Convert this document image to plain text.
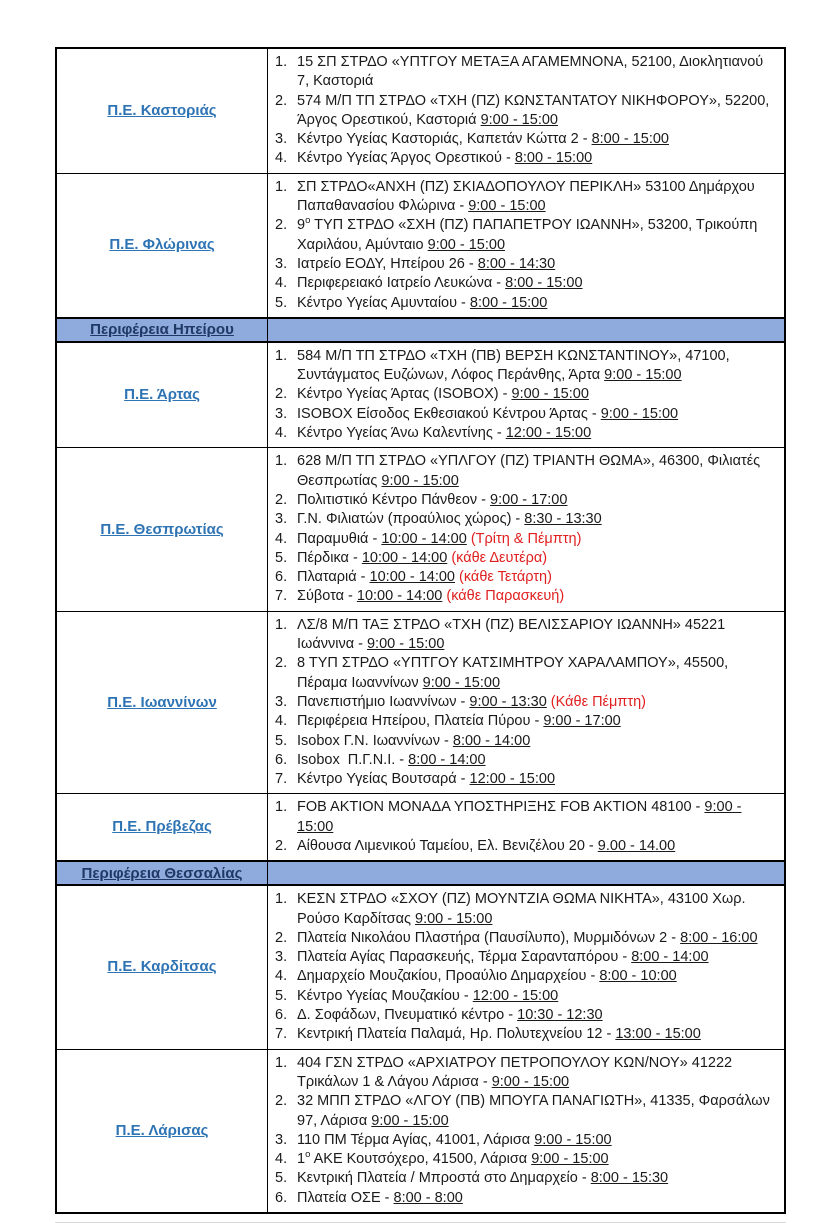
Π.Ε. Καστοριάς
1. 15 ΣΠ ΣΤΡΔΟ «ΥΠΤΓΟΥ ΜΕΤΑΞΑ ΑΓΑΜΕΜΝΟΝΑ, 52100, Διοκλητιανού 7, Καστοριά
2. 574 Μ/Π ΤΠ ΣΤΡΔΟ «ΤΧΗ (ΠΖ) ΚΩΝΣΤΑΝΤΑΤΟΥ ΝΙΚΗΦΟΡΟΥ», 52200, Άργος Ορεστικού, Καστοριά 9:00 - 15:00
3. Κέντρο Υγείας Καστοριάς, Καπετάν Κώττα 2 - 8:00 - 15:00
4. Κέντρο Υγείας Άργος Ορεστικού - 8:00 - 15:00
Π.Ε. Φλώρινας
1. ΣΠ ΣΤΡΔΟ«ΑΝΧΗ (ΠΖ) ΣΚΙΑΔΟΠΟΥΛΟΥ ΠΕΡΙΚΛΗ» 53100 Δημάρχου Παπαθανασίου Φλώρινα - 9:00 - 15:00
2. $9^o$ ΤΥΠ ΣΤΡΔΟ «ΣΧΗ (ΠΖ) ΠΑΠΑΠΕΤΡΟΥ ΙΩΑΝΝΗ», 53200, Τρικούπη Χαριλάου, Αμύνταιο 9:00 - 15:00
3. Ιατρείο ΕΟΔΥ, Ηπείρου 26 - 8:00 - 14:30
4. Περιφερειακό Ιατρείο Λευκώνα - 8:00 - 15:00
5. Κέντρο Υγείας Αμυνταίου - 8:00 - 15:00
Περιφέρεια Ηπείρου
Π.Ε. Άρτας
1. 584 Μ/Π ΤΠ ΣΤΡΔΟ «ΤΧΗ (ΠΒ) ΒΕΡΣΗ ΚΩΝΣΤΑΝΤΙΝΟΥ», 47100, Συντάγματος Ευζώνων, Λόφος Περάνθης, Άρτα 9:00 - 15:00
2. Κέντρο Υγείας Άρτας (ISOBOX) - 9:00 - 15:00
3. ISOBOX Είσοδος Εκθεσιακού Κέντρου Άρτας - 9:00 - 15:00
4. Κέντρο Υγείας Άνω Καλεντίνης - 12:00 - 15:00
Π.Ε. Θεσπρωτίας
1. 628 Μ/Π ΤΠ ΣΤΡΔΟ «ΥΠΛΓΟΥ (ΠΖ) ΤΡΙΑΝΤΗ ΘΩΜΑ», 46300, Φιλιατές Θεσπρωτίας 9:00 - 15:00
2. Πολιτιστικό Κέντρο Πάνθεον - 9:00 - 17:00
3. Γ.Ν. Φιλιατών (προαύλιος χώρος) - 8:30 - 13:30
4. Παραμυθιά - 10:00 - 14:00 (Τρίτη & Πέμπτη)
5. Πέρδικα - 10:00 - 14:00 (κάθε Δευτέρα)
6. Πλαταριά - 10:00 - 14:00 (κάθε Τετάρτη)
7. Σύβοτα - 10:00 - 14:00 (κάθε Παρασκευή)
Π.Ε. Ιωαννίνων
1. ΛΣ/8 Μ/Π ΤΑΞ ΣΤΡΔΟ «ΤΧΗ (ΠΖ) ΒΕΛΙΣΣΑΡΙΟΥ ΙΩΑΝΝΗ» 45221 Ιωάννινα - 9:00 - 15:00
2. 8 ΤΥΠ ΣΤΡΔΟ «ΥΠΤΓΟΥ ΚΑΤΣΙΜΗΤΡΟΥ ΧΑΡΑΛΑΜΠΟΥ», 45500, Πέραμα Ιωαννίνων 9:00 - 15:00
3. Πανεπιστήμιο Ιωαννίνων - 9:00 - 13:30 (Κάθε Πέμπτη)
4. Περιφέρεια Ηπείρου, Πλατεία Πύρου - 9:00 - 17:00
5. Isobox Γ.Ν. Ιωαννίνων - 8:00 - 14:00
6. Isobox  Π.Γ.Ν.Ι. - 8:00 - 14:00
7. Κέντρο Υγείας Βουτσαρά - 12:00 - 15:00
Π.Ε. Πρέβεζας
1. FOB AKTION ΜΟΝΑΔΑ ΥΠΟΣΤΗΡΙΞΗΣ FOB AKTION 48100 - 9:00 - 15:00
2. Αίθουσα Λιμενικού Ταμείου, Ελ. Βενιζέλου 20 - 9.00 - 14.00
Περιφέρεια Θεσσαλίας
Π.Ε. Καρδίτσας
1. ΚΕΣΝ ΣΤΡΔΟ «ΣΧΟΥ (ΠΖ) ΜΟΥΝΤΖΙΑ ΘΩΜΑ ΝΙΚΗΤΑ», 43100 Χωρ. Ρούσο Καρδίτσας 9:00 - 15:00
2. Πλατεία Νικολάου Πλαστήρα (Παυσίλυπο), Μυρμιδόνων 2 - 8:00 - 16:00
3. Πλατεία Αγίας Παρασκευής, Τέρμα Σαρανταπόρου - 8:00 - 14:00
4. Δημαρχείο Μουζακίου, Προαύλιο Δημαρχείου - 8:00 - 10:00
5. Κέντρο Υγείας Μουζακίου - 12:00 - 15:00
6. Δ. Σοφάδων, Πνευματικό κέντρο - 10:30 - 12:30
7. Κεντρική Πλατεία Παλαμά, Ηρ. Πολυτεχνείου 12 - 13:00 - 15:00
Π.Ε. Λάρισας
1. 404 ΓΣΝ ΣΤΡΔΟ «ΑΡΧΙΑΤΡΟΥ ΠΕΤΡΟΠΟΥΛΟΥ ΚΩΝ/ΝΟΥ» 41222 Τρικάλων 1 & Λάγου Λάρισα - 9:00 - 15:00
2. 32 ΜΠΠ ΣΤΡΔΟ «ΛΓΟΥ (ΠΒ) ΜΠΟΥΓΑ ΠΑΝΑΓΙΩΤΗ», 41335, Φαρσάλων 97, Λάρισα 9:00 - 15:00
3. 110 ΠΜ Τέρμα Αγίας, 41001, Λάρισα 9:00 - 15:00
4. $1^o$ ΑΚΕ Κουτσόχερο, 41500, Λάρισα 9:00 - 15:00
5. Κεντρική Πλατεία / Μπροστά στο Δημαρχείο - 8:00 - 15:30
6. Πλατεία ΟΣΕ - 8:00 - 8:00
